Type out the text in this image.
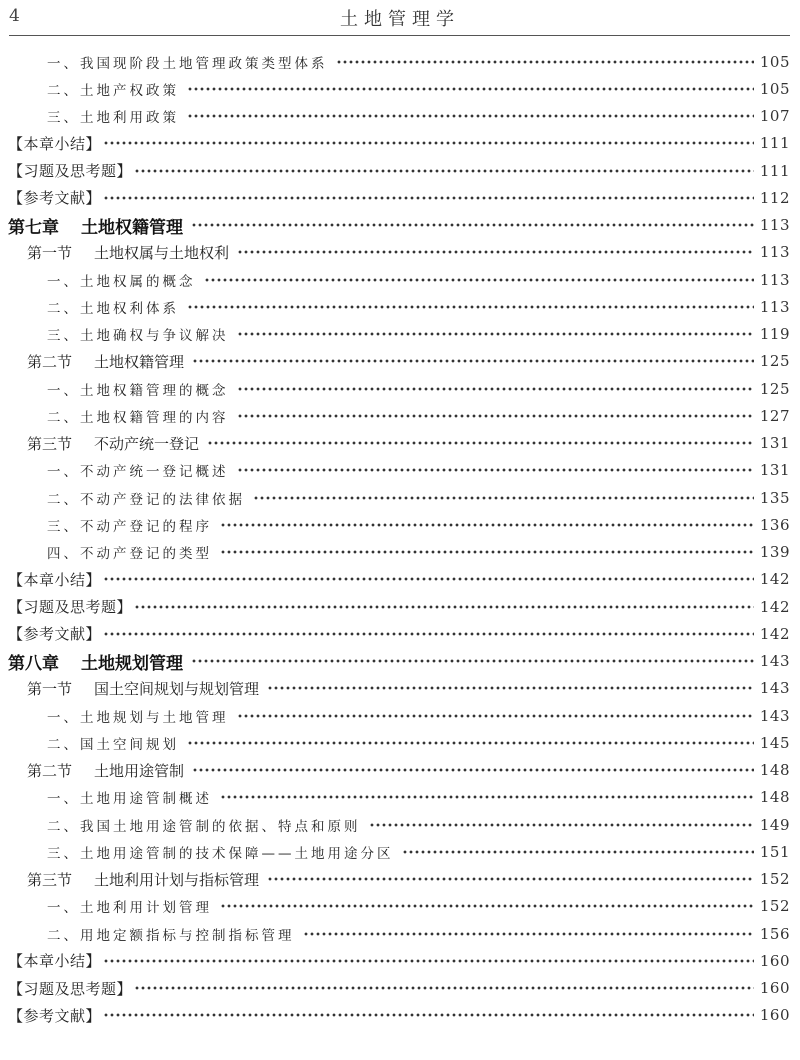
4	土地管理学
一、我国现阶段土地管理政策类型体系	105
二、土地产权政策	105
三、土地利用政策	107
【本章小结】	111
【习题及思考题】	111
【参考文献】	112
第七章 土地权籍管理	113
第一节 土地权属与土地权利	113
一、土地权属的概念	113
二、土地权利体系	113
三、土地确权与争议解决	119
第二节 土地权籍管理	125
一、土地权籍管理的概念	125
二、土地权籍管理的内容	127
第三节 不动产统一登记	131
一、不动产统一登记概述	131
二、不动产登记的法律依据	135
三、不动产登记的程序	136
四、不动产登记的类型	139
【本章小结】	142
【习题及思考题】	142
【参考文献】	142
第八章 土地规划管理	143
第一节 国土空间规划与规划管理	143
一、土地规划与土地管理	143
二、国土空间规划	145
第二节 土地用途管制	148
一、土地用途管制概述	148
二、我国土地用途管制的依据、特点和原则	149
三、土地用途管制的技术保障——土地用途分区	151
第三节 土地利用计划与指标管理	152
一、土地利用计划管理	152
二、用地定额指标与控制指标管理	156
【本章小结】	160
【习题及思考题】	160
【参考文献】	160
